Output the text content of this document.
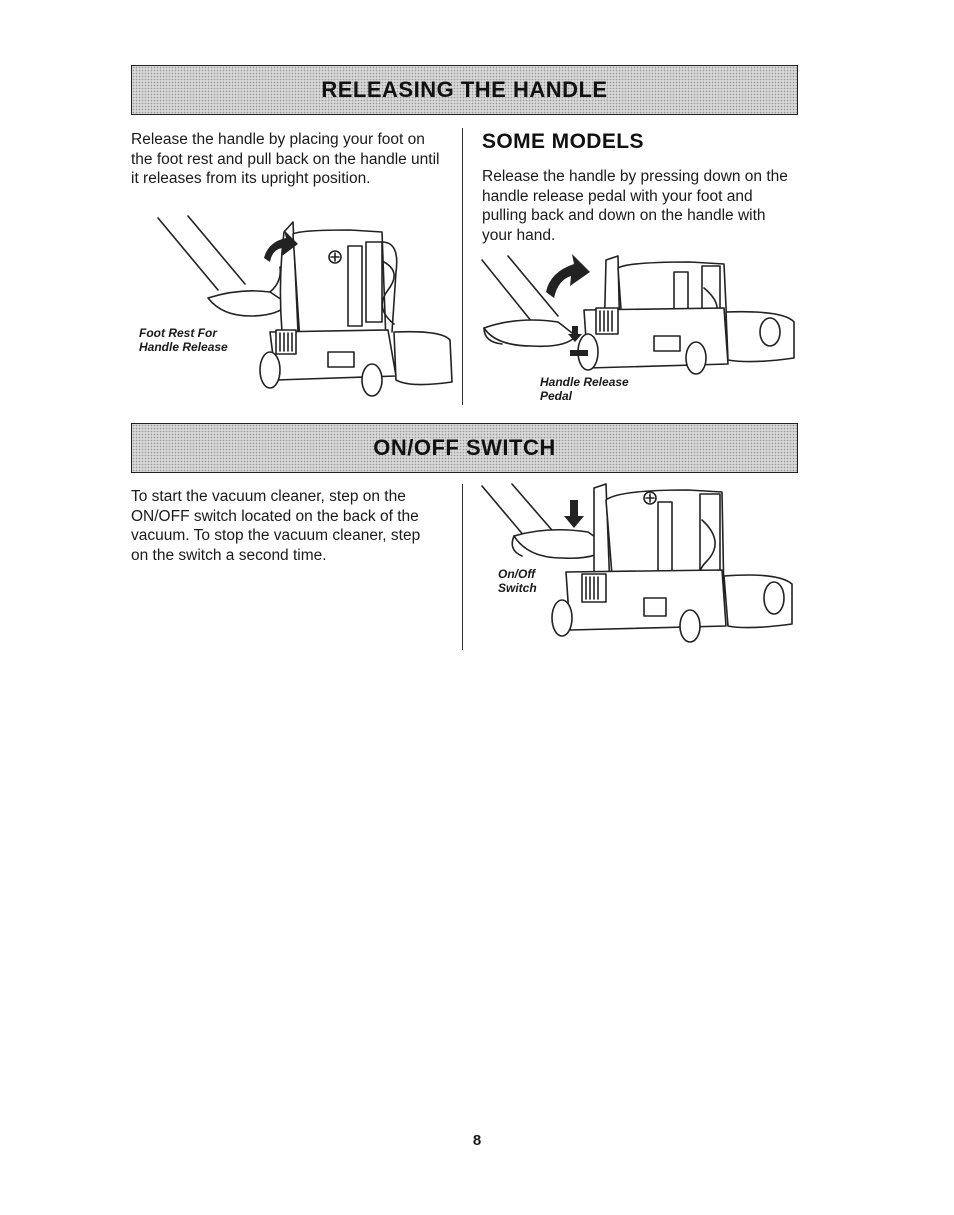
RELEASING THE HANDLE

Release the handle by placing your foot on the foot rest and pull back on the handle until it releases from its upright position.

SOME MODELS

Release the handle by pressing down on the handle release pedal with your foot and pulling back and down on the handle with your hand.

Foot Rest For Handle Release
Handle Release Pedal
ON/OFF SWITCH

To start the vacuum cleaner, step on the ON/OFF switch located on the back of the vacuum. To stop the vacuum cleaner, step on the switch a second time.

On/Off Switch
8
